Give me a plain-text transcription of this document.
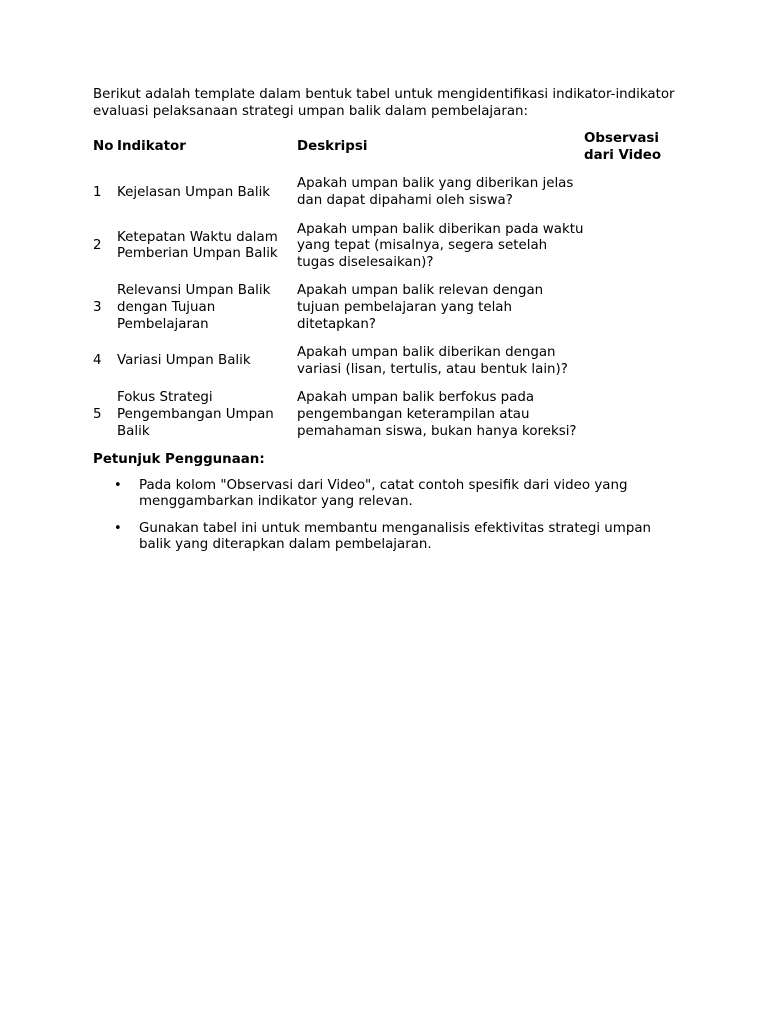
Berikut adalah template dalam bentuk tabel untuk mengidentifikasi indikator-indikator evaluasi pelaksanaan strategi umpan balik dalam pembelajaran:

No	Indikator	Deskripsi	Observasi dari Video
1	Kejelasan Umpan Balik	Apakah umpan balik yang diberikan jelas dan dapat dipahami oleh siswa?	
2	Ketepatan Waktu dalam Pemberian Umpan Balik	Apakah umpan balik diberikan pada waktu yang tepat (misalnya, segera setelah tugas diselesaikan)?	
3	Relevansi Umpan Balik dengan Tujuan Pembelajaran	Apakah umpan balik relevan dengan tujuan pembelajaran yang telah ditetapkan?	
4	Variasi Umpan Balik	Apakah umpan balik diberikan dengan variasi (lisan, tertulis, atau bentuk lain)?	
5	Fokus Strategi Pengembangan Umpan Balik	Apakah umpan balik berfokus pada pengembangan keterampilan atau pemahaman siswa, bukan hanya koreksi?	

Petunjuk Penggunaan:

• Pada kolom "Observasi dari Video", catat contoh spesifik dari video yang menggambarkan indikator yang relevan.
• Gunakan tabel ini untuk membantu menganalisis efektivitas strategi umpan balik yang diterapkan dalam pembelajaran.
